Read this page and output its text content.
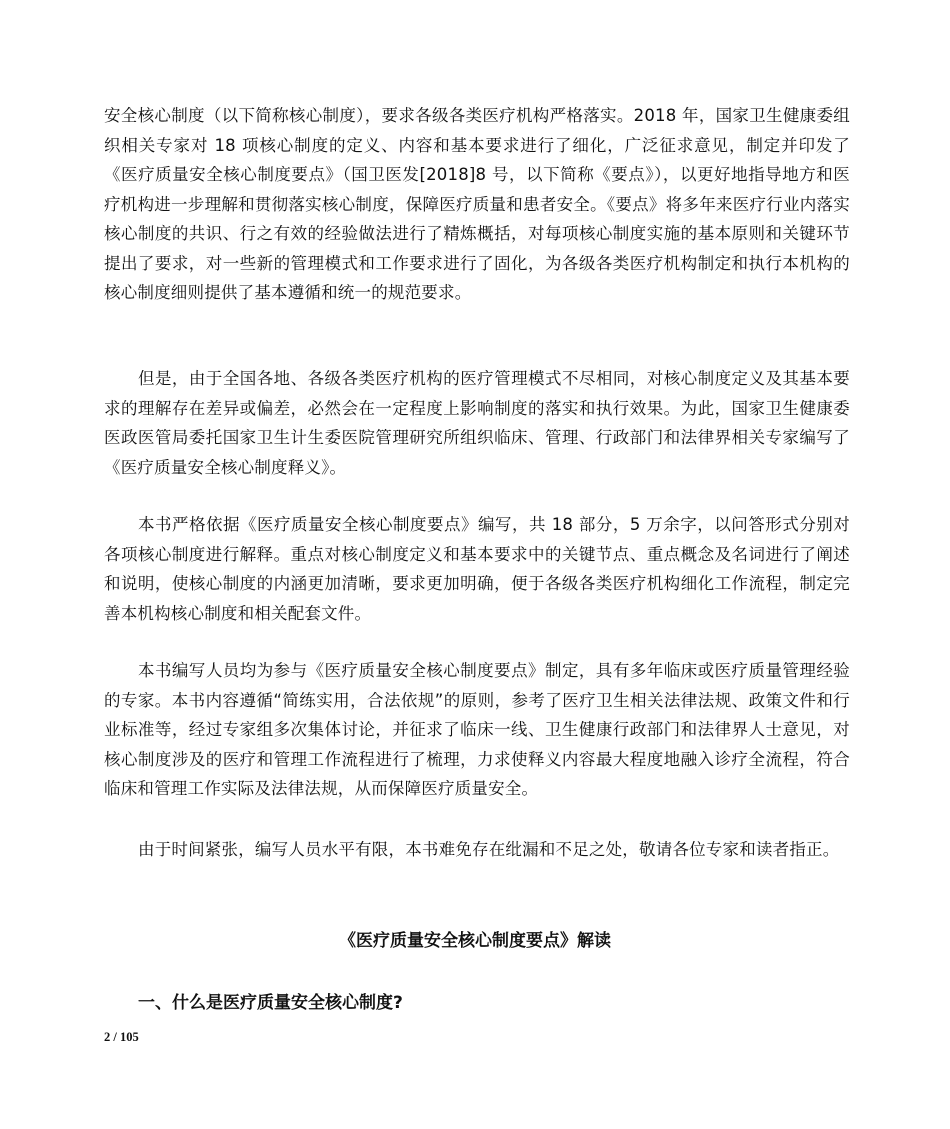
安全核心制度（以下简称核心制度），要求各级各类医疗机构严格落实。2018 年，国家卫生健康委组织相关专家对 18 项核心制度的定义、内容和基本要求进行了细化，广泛征求意见，制定并印发了《医疗质量安全核心制度要点》（国卫医发[2018]8 号，以下简称《要点》），以更好地指导地方和医疗机构进一步理解和贯彻落实核心制度，保障医疗质量和患者安全。《要点》将多年来医疗行业内落实核心制度的共识、行之有效的经验做法进行了精炼概括，对每项核心制度实施的基本原则和关键环节提出了要求，对一些新的管理模式和工作要求进行了固化，为各级各类医疗机构制定和执行本机构的核心制度细则提供了基本遵循和统一的规范要求。

但是，由于全国各地、各级各类医疗机构的医疗管理模式不尽相同，对核心制度定义及其基本要求的理解存在差异或偏差，必然会在一定程度上影响制度的落实和执行效果。为此，国家卫生健康委医政医管局委托国家卫生计生委医院管理研究所组织临床、管理、行政部门和法律界相关专家编写了《医疗质量安全核心制度释义》。

本书严格依据《医疗质量安全核心制度要点》编写，共 18 部分，5 万余字，以问答形式分别对各项核心制度进行解释。重点对核心制度定义和基本要求中的关键节点、重点概念及名词进行了阐述和说明，使核心制度的内涵更加清晰，要求更加明确，便于各级各类医疗机构细化工作流程，制定完善本机构核心制度和相关配套文件。

本书编写人员均为参与《医疗质量安全核心制度要点》制定，具有多年临床或医疗质量管理经验的专家。本书内容遵循“简练实用，合法依规”的原则，参考了医疗卫生相关法律法规、政策文件和行业标准等，经过专家组多次集体讨论，并征求了临床一线、卫生健康行政部门和法律界人士意见，对核心制度涉及的医疗和管理工作流程进行了梳理，力求使释义内容最大程度地融入诊疗全流程，符合临床和管理工作实际及法律法规，从而保障医疗质量安全。

由于时间紧张，编写人员水平有限，本书难免存在纰漏和不足之处，敬请各位专家和读者指正。

《医疗质量安全核心制度要点》解读
一、什么是医疗质量安全核心制度?
2 / 105
